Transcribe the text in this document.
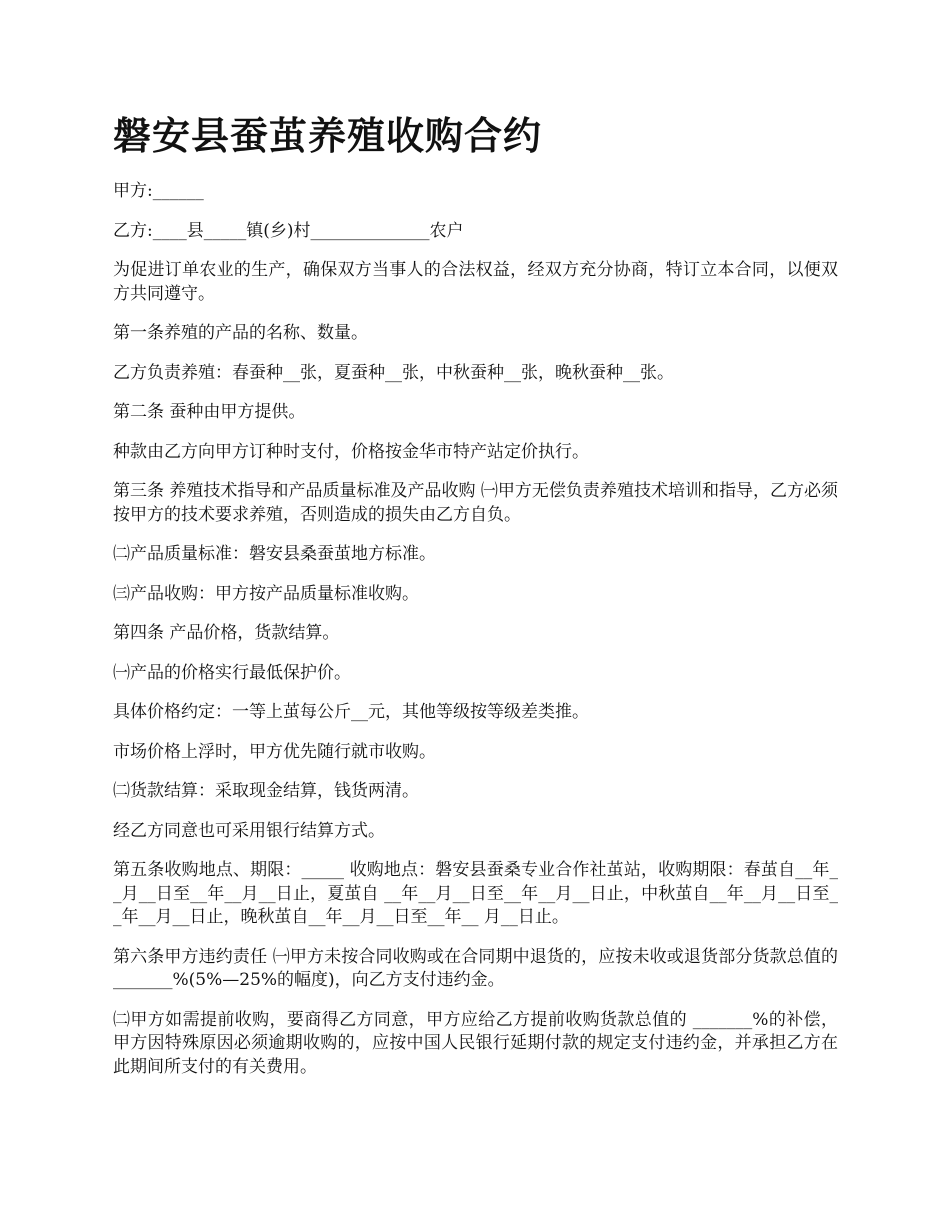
磐安县蚕茧养殖收购合约

甲方:______

乙方:____县_____镇(乡)村______________农户

为促进订单农业的生产，确保双方当事人的合法权益，经双方充分协商，特订立本合同，以便双方共同遵守。

第一条养殖的产品的名称、数量。

乙方负责养殖：春蚕种__张，夏蚕种__张，中秋蚕种__张，晚秋蚕种__张。

第二条 蚕种由甲方提供。

种款由乙方向甲方订种时支付，价格按金华市特产站定价执行。

第三条 养殖技术指导和产品质量标准及产品收购 ㈠甲方无偿负责养殖技术培训和指导，乙方必须按甲方的技术要求养殖，否则造成的损失由乙方自负。

㈡产品质量标准：磐安县桑蚕茧地方标准。

㈢产品收购：甲方按产品质量标准收购。

第四条 产品价格，货款结算。

㈠产品的价格实行最低保护价。

具体价格约定：一等上茧每公斤__元，其他等级按等级差类推。

市场价格上浮时，甲方优先随行就市收购。

㈡货款结算：采取现金结算，钱货两清。

经乙方同意也可采用银行结算方式。

第五条收购地点、期限：_____ 收购地点：磐安县蚕桑专业合作社茧站，收购期限：春茧自__年__月__日至__年__月__日止，夏茧自 __年__月__日至__年__月__日止，中秋茧自__年__月__日至__年__月__日止，晚秋茧自__年__月__日至__年__ 月__日止。

第六条甲方违约责任 ㈠甲方未按合同收购或在合同期中退货的，应按未收或退货部分货款总值的_______%(5%—25%的幅度)，向乙方支付违约金。

㈡甲方如需提前收购，要商得乙方同意，甲方应给乙方提前收购货款总值的 _______%的补偿，甲方因特殊原因必须逾期收购的，应按中国人民银行延期付款的规定支付违约金，并承担乙方在此期间所支付的有关费用。
